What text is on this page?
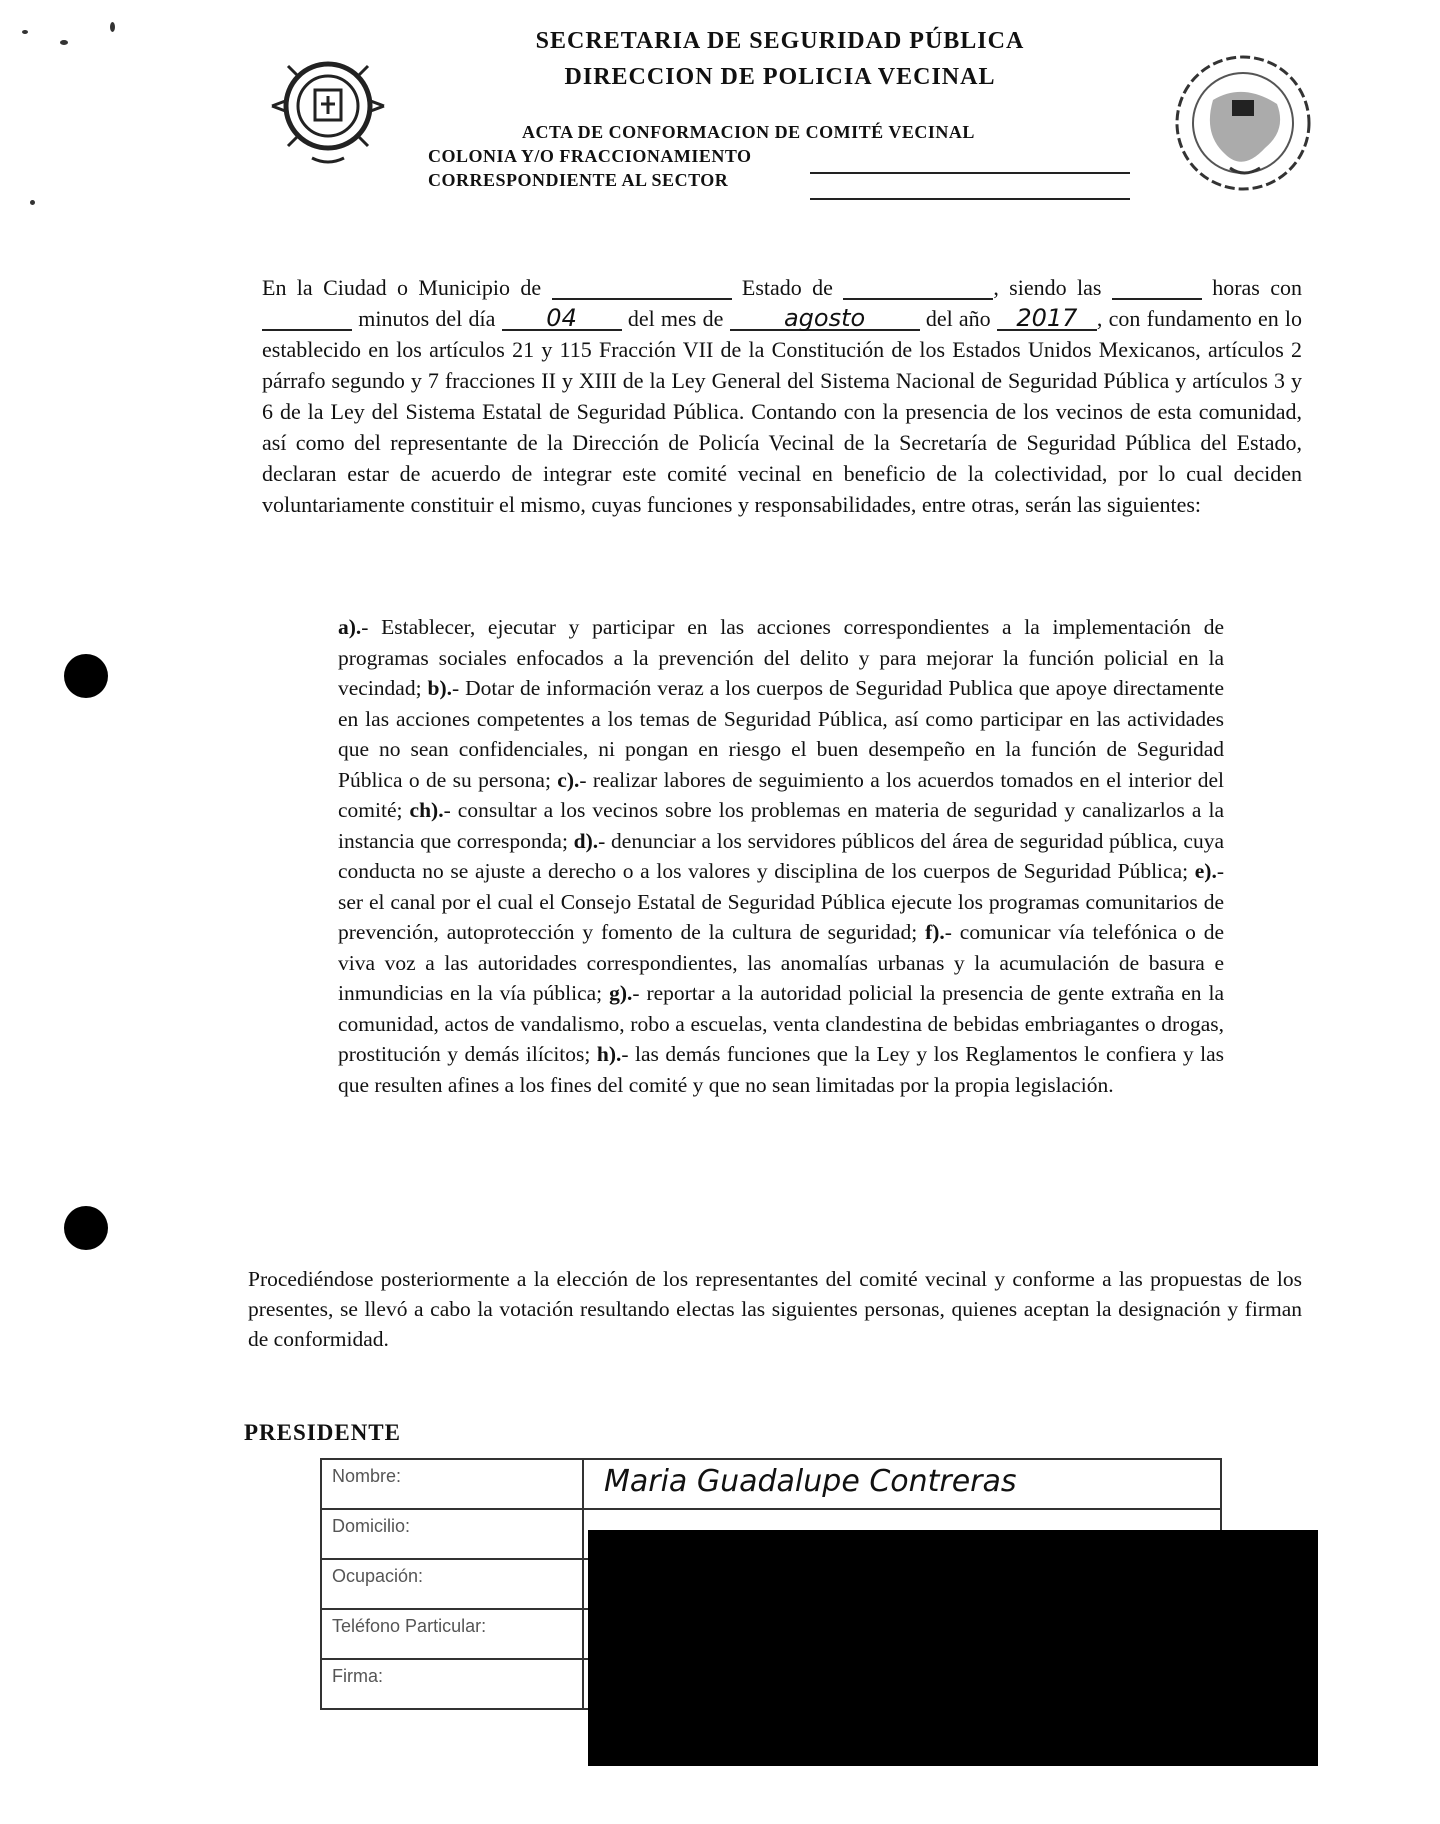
SECRETARIA DE SEGURIDAD PÚBLICA
DIRECCION DE POLICIA VECINAL
ACTA DE CONFORMACION DE COMITÉ VECINAL
COLONIA Y/O FRACCIONAMIENTO
CORRESPONDIENTE AL SECTOR
En la Ciudad o Municipio de	Estado de	, siendo las	horas con  minutos del día 04 del mes de	agosto	del año 2017 , con fundamento en lo establecido en los artículos 21 y 115 Fracción VII de la Constitución de los Estados Unidos Mexicanos, artículos 2 párrafo segundo y 7 fracciones II y XIII de la Ley General del Sistema Nacional de Seguridad Pública y artículos 3 y 6 de la Ley del Sistema Estatal de Seguridad Pública. Contando con la presencia de los vecinos de esta comunidad, así como del representante de la Dirección de Policía Vecinal de la Secretaría de Seguridad Pública del Estado, declaran estar de acuerdo de integrar este comité vecinal en beneficio de la colectividad, por lo cual deciden voluntariamente constituir el mismo, cuyas funciones y responsabilidades, entre otras, serán las siguientes:
a).- Establecer, ejecutar y participar en las acciones correspondientes a la implementación de programas sociales enfocados a la prevención del delito y para mejorar la función policial en la vecindad; b).- Dotar de información veraz a los cuerpos de Seguridad Publica que apoye directamente en las acciones competentes a los temas de Seguridad Pública, así como participar en las actividades que no sean confidenciales, ni pongan en riesgo el buen desempeño en la función de Seguridad Pública o de su persona; c).- realizar labores de seguimiento a los acuerdos tomados en el interior del comité; ch).- consultar a los vecinos sobre los problemas en materia de seguridad y canalizarlos a la instancia que corresponda; d).- denunciar a los servidores públicos del área de seguridad pública, cuya conducta no se ajuste a derecho o a los valores y disciplina de los cuerpos de Seguridad Pública; e).- ser el canal por el cual el Consejo Estatal de Seguridad Pública ejecute los programas comunitarios de prevención, autoprotección y fomento de la cultura de seguridad; f).- comunicar vía telefónica o de viva voz a las autoridades correspondientes, las anomalías urbanas y la acumulación de basura e inmundicias en la vía pública; g).- reportar a la autoridad policial la presencia de gente extraña en la comunidad, actos de vandalismo, robo a escuelas, venta clandestina de bebidas embriagantes o drogas, prostitución y demás ilícitos; h).- las demás funciones que la Ley y los Reglamentos le confiera y las que resulten afines a los fines del comité y que no sean limitadas por la propia legislación.
Procediéndose posteriormente a la elección de los representantes del comité vecinal y conforme a las propuestas de los presentes, se llevó a cabo la votación resultando electas las siguientes personas, quienes aceptan la designación y firman de conformidad.
PRESIDENTE
Nombre:	Maria Guadalupe Contreras
Domicilio:	
Ocupación:	
Teléfono Particular:	
Firma:	
